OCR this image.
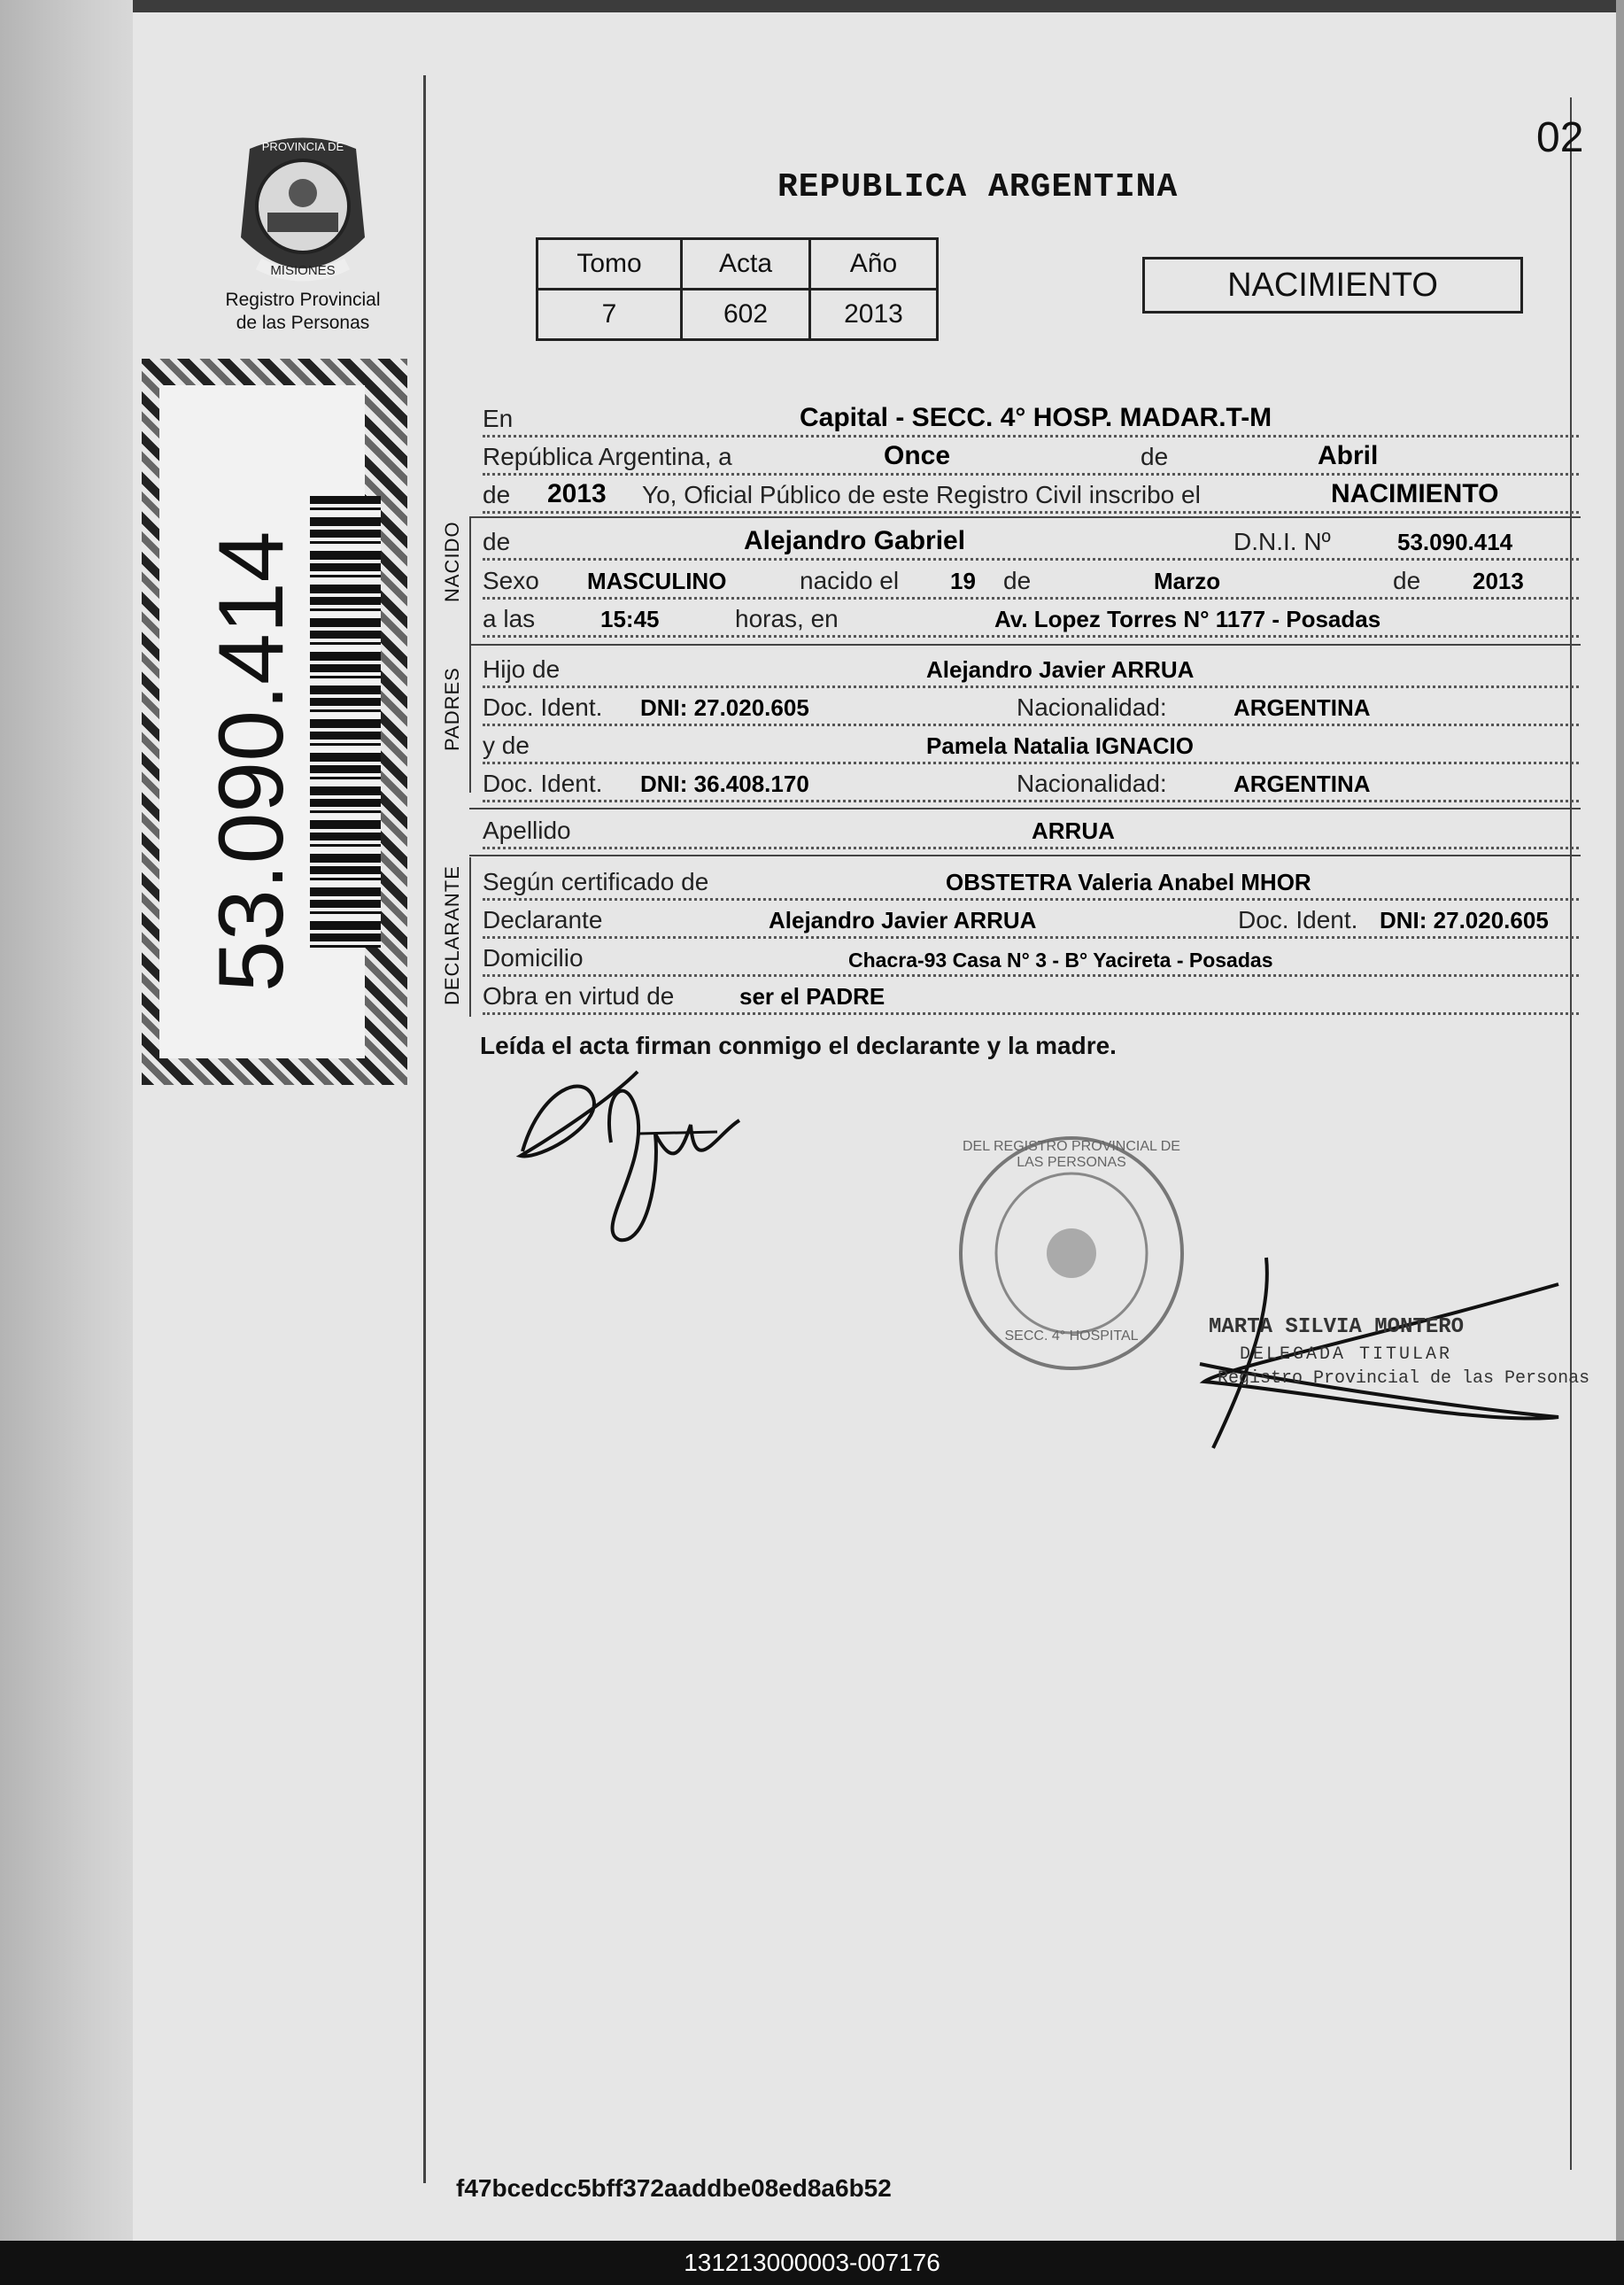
02
PROVINCIA DE
MISIONES
Registro Provincial
de las Personas
53.090.414
REPUBLICA ARGENTINA
Tomo	Acta	Año
7	602	2013
NACIMIENTO
NACIDO
PADRES
DECLARANTE
En	Capital - SECC. 4° HOSP. MADAR.T-M
República Argentina, a	Once	de	Abril
de 2013 Yo, Oficial Público de este Registro Civil inscribo el	NACIMIENTO
de	Alejandro Gabriel	D.N.I. Nº	53.090.414
Sexo MASCULINO	nacido el 19 de	Marzo	de 2013
a las	15:45	horas, en	Av. Lopez Torres N° 1177 - Posadas
Hijo de	Alejandro Javier ARRUA
Doc. Ident. DNI: 27.020.605	Nacionalidad:	ARGENTINA
y de	Pamela Natalia IGNACIO
Doc. Ident. DNI: 36.408.170	Nacionalidad:	ARGENTINA
Apellido	ARRUA
Según certificado de	OBSTETRA Valeria Anabel MHOR
Declarante	Alejandro Javier ARRUA	Doc. Ident. DNI: 27.020.605
Domicilio	Chacra-93 Casa N° 3 - B° Yacireta - Posadas
Obra en virtud de	ser el PADRE
Leída el acta firman conmigo el declarante y la madre.
DEL REGISTRO PROVINCIAL DE LAS PERSONAS
SECC. 4° HOSPITAL	MARTA SILVIA MONTERO
DELEGADA TITULAR
Registro Provincial de las Personas
f47bcedcc5bff372aaddbe08ed8a6b52
131213000003-007176
